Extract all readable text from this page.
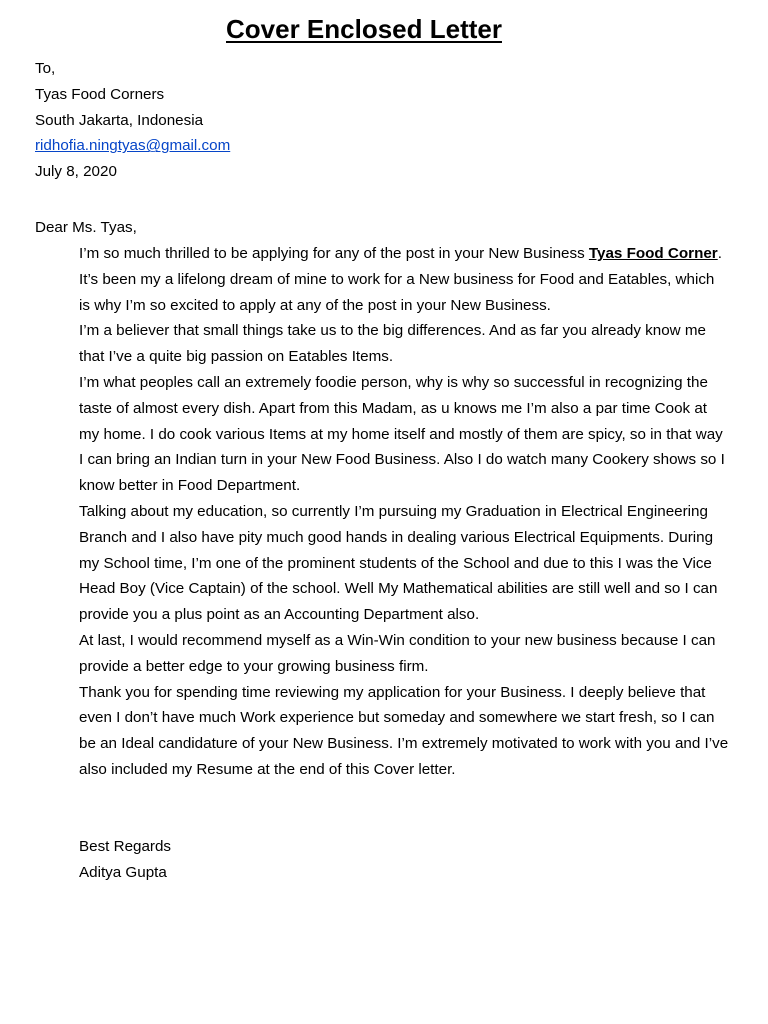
Cover Enclosed Letter
To,
Tyas Food Corners
South Jakarta, Indonesia
ridhofia.ningtyas@gmail.com
July 8, 2020
Dear Ms. Tyas,

I’m so much thrilled to be applying for any of the post in your New Business Tyas Food Corner. It’s been my a lifelong dream of mine to work for a New business for Food and Eatables, which is why I’m so excited to apply at any of the post in your New Business.

I’m a believer that small things take us to the big differences. And as far you already know me that I’ve a quite big passion on Eatables Items.

I’m what peoples call an extremely foodie person, why is why so successful in recognizing the taste of almost every dish. Apart from this Madam, as u knows me I’m also a par time Cook at my home. I do cook various Items at my home itself and mostly of them are spicy, so in that way I can bring an Indian turn in your New Food Business. Also I do watch many Cookery shows so I know better in Food Department.

Talking about my education, so currently I’m pursuing my Graduation in Electrical Engineering Branch and I also have pity much good hands in dealing various Electrical Equipments. During my School time, I’m one of the prominent students of the School and due to this I was the Vice Head Boy (Vice Captain) of the school. Well My Mathematical abilities are still well and so I can provide you a plus point as an Accounting Department also.

At last, I would recommend myself as a Win-Win condition to your new business because I can provide a better edge to your growing business firm.

Thank you for spending time reviewing my application for your Business. I deeply believe that even I don’t have much Work experience but someday and somewhere we start fresh, so I can be an Ideal candidature of your New Business. I’m extremely motivated to work with you and I’ve also included my Resume at the end of this Cover letter.

Best Regards
Aditya Gupta
